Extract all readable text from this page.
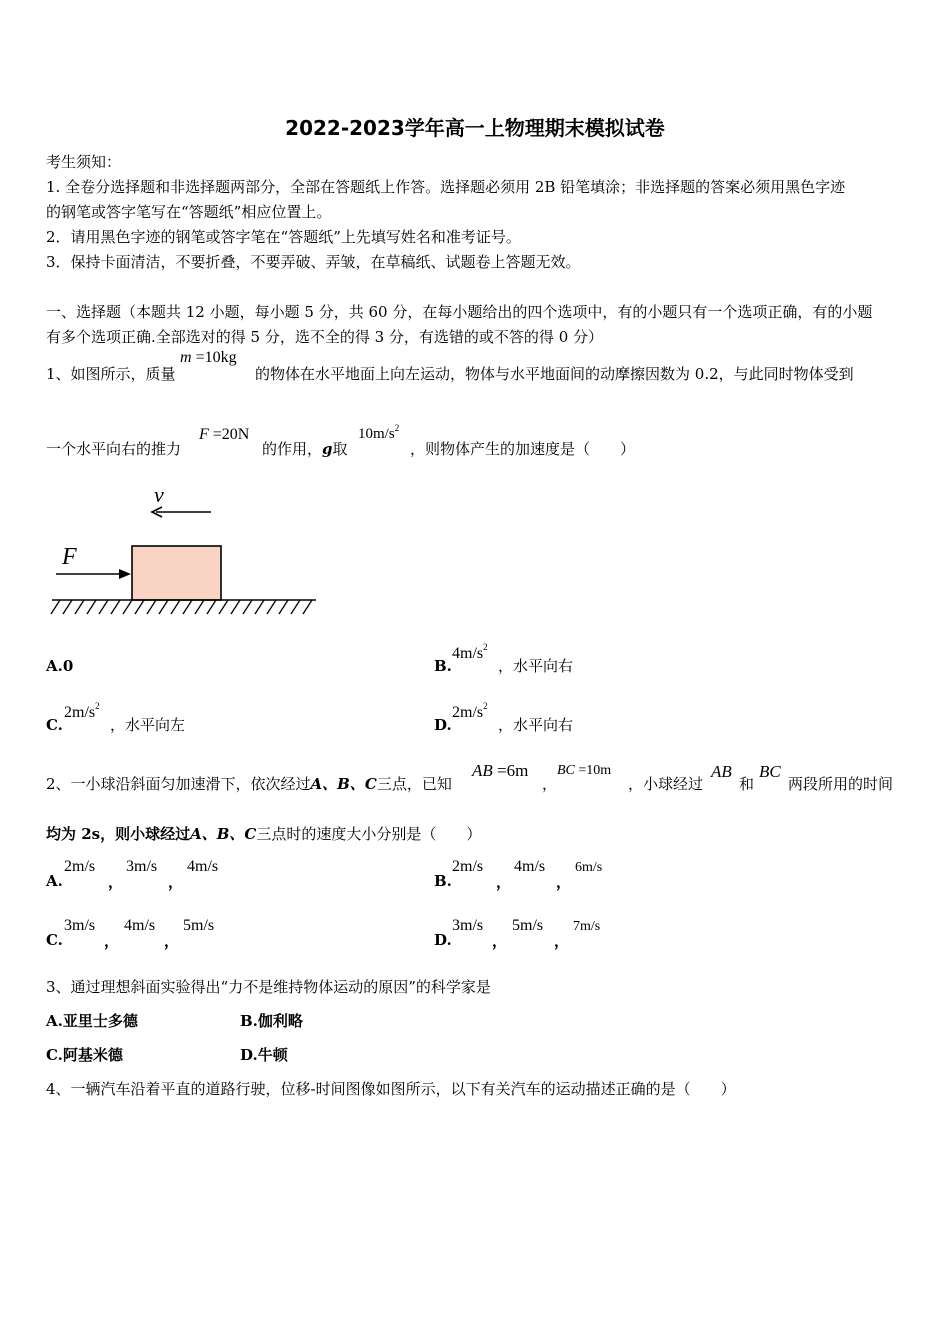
2022-2023学年高一上物理期末模拟试卷
考生须知：
1. 全卷分选择题和非选择题两部分，全部在答题纸上作答。选择题必须用 2B 铅笔填涂；非选择题的答案必须用黑色字迹
的钢笔或答字笔写在“答题纸”相应位置上。
2．请用黑色字迹的钢笔或答字笔在“答题纸”上先填写姓名和准考证号。
3．保持卡面清洁，不要折叠，不要弄破、弄皱，在草稿纸、试题卷上答题无效。
一、选择题（本题共 12 小题，每小题 5 分，共 60 分，在每小题给出的四个选项中，有的小题只有一个选项正确，有的小题
有多个选项正确.全部选对的得 5 分，选不全的得 3 分，有选错的或不答的得 0 分）
1、如图所示，质量
m =10kg
的物体在水平地面上向左运动，物体与水平地面间的动摩擦因数为 0.2，与此同时物体受到
一个水平向右的推力
F =20N
的作用，g取
$10m/s^2$
，则物体产生的加速度是（　　）
v
F
A.0	B.
$4m/s^2$
，水平向右
C.
$2m/s^2$
，水平向左	D.
$2m/s^2$
，水平向右
2、一小球沿斜面匀加速滑下，依次经过A、B、C三点，已知
AB =6m
，
BC =10m
，小球经过
AB
和
BC
两段所用的时间
均为 2s，则小球经过A、B、C三点时的速度大小分别是（　　）
A.
2m/s
，
3m/s
，
4m/s
B.
2m/s
，
4m/s
，
6m/s
C.
3m/s
，
4m/s
，
5m/s
D.
3m/s
，
5m/s
，
7m/s
3、通过理想斜面实验得出“力不是维持物体运动的原因”的科学家是
A.亚里士多德	B.伽利略
C.阿基米德	D.牛顿
4、一辆汽车沿着平直的道路行驶，位移-时间图像如图所示，以下有关汽车的运动描述正确的是（　　）
